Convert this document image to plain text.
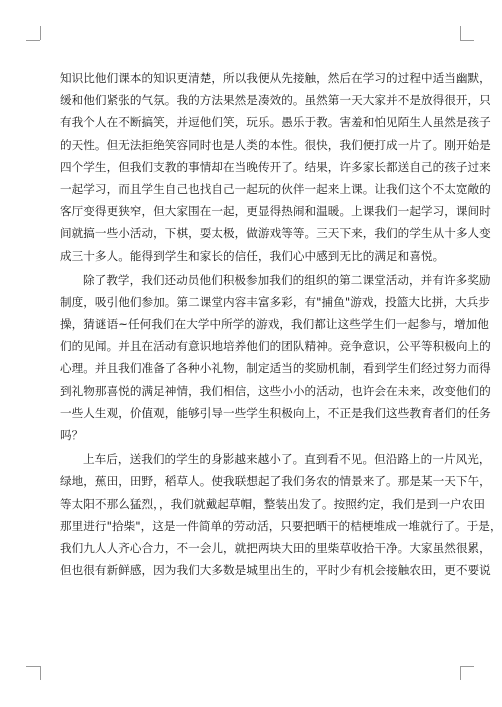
知识比他们课本的知识更清楚，所以我便从先接触，然后在学习的过程中适当幽默，
缓和他们紧张的气氛。我的方法果然是凑效的。虽然第一天大家并不是放得很开，只
有我个人在不断搞笑，并逗他们笑，玩乐。愚乐于教。害羞和怕见陌生人虽然是孩子
的天性。但无法拒绝笑容同时也是人类的本性。很快，我们便打成一片了。刚开始是
四个学生，但我们支教的事情却在当晚传开了。结果，许多家长都送自己的孩子过来
一起学习，而且学生自己也找自己一起玩的伙伴一起来上课。让我们这个不太宽敞的
客厅变得更狭窄，但大家围在一起，更显得热闹和温暖。上课我们一起学习，课间时
间就搞一些小活动，下棋，耍太极，做游戏等等。三天下来，我们的学生从十多人变
成三十多人。能得到学生和家长的信任，我们心中感到无比的满足和喜悦。
除了教学，我们还动员他们积极参加我们的组织的第二课堂活动，并有许多奖励
制度，吸引他们参加。第二课堂内容丰富多彩，有"捕鱼"游戏，投篮大比拼，大兵步
操，猜谜语~任何我们在大学中所学的游戏，我们都让这些学生们一起参与，增加他
们的见闻。并且在活动有意识地培养他们的团队精神。竞争意识，公平等积极向上的
心理。并且我们准备了各种小礼物，制定适当的奖励机制，看到学生们经过努力而得
到礼物那喜悦的满足神情，我们相信，这些小小的活动，也许会在未来，改变他们的
一些人生观，价值观，能够引导一些学生积极向上，不正是我们这些教育者们的任务
吗？
上车后，送我们的学生的身影越来越小了。直到看不见。但沿路上的一片风光，
绿地，蕉田，田野，稻草人。使我联想起了我们务农的情景来了。那是某一天下午，
等太阳不那么猛烈，，我们就戴起草帽，整装出发了。按照约定，我们是到一户农田
那里进行"拾柴"，这是一件简单的劳动活，只要把晒干的桔梗堆成一堆就行了。于是，
我们九人人齐心合力，不一会儿，就把两块大田的里柴草收拾干净。大家虽然很累，
但也很有新鲜感，因为我们大多数是城里出生的，平时少有机会接触农田，更不要说
